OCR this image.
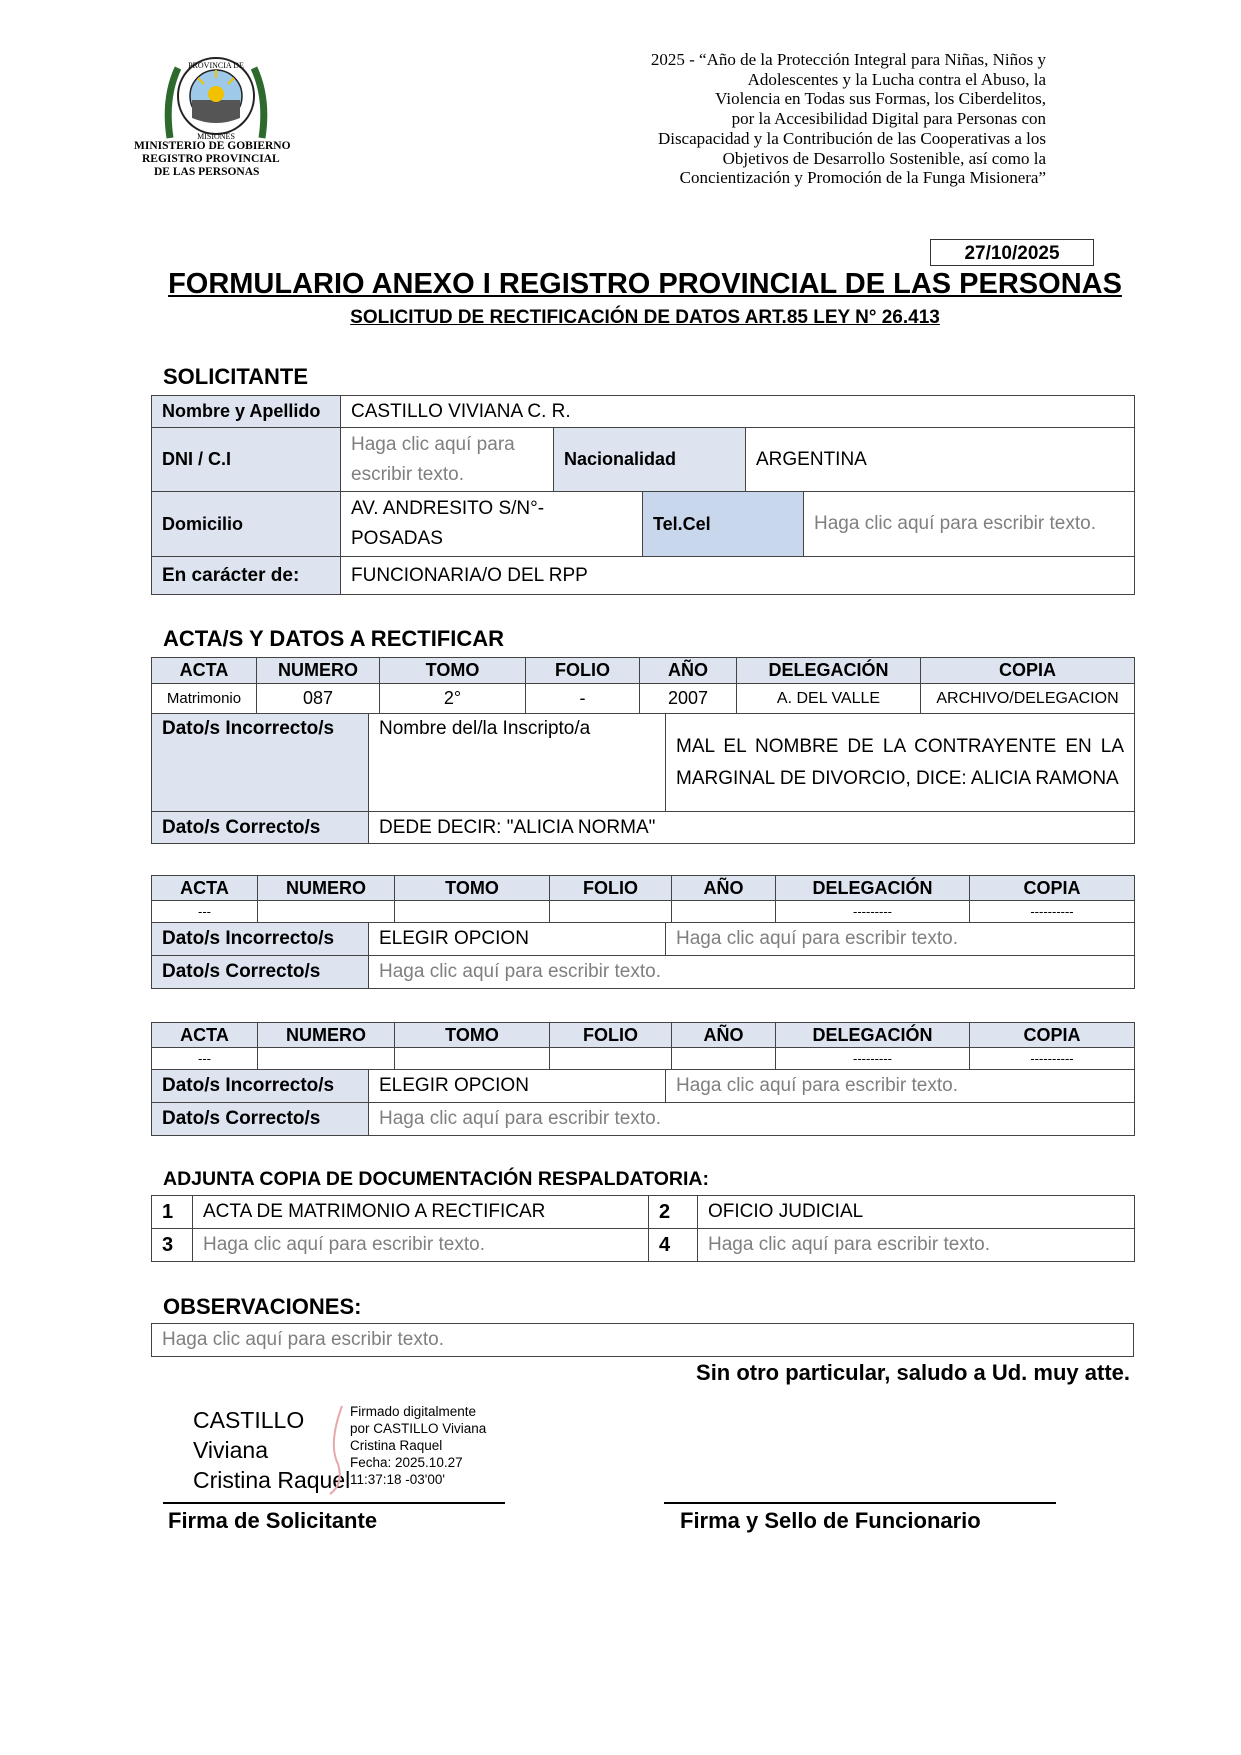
PROVINCIA DE
MISIONES
MINISTERIO DE GOBIERNO
REGISTRO PROVINCIAL
DE LAS PERSONAS
2025 - “Año de la Protección Integral para Niñas, Niños y
Adolescentes y la Lucha contra el Abuso, la
Violencia en Todas sus Formas, los Ciberdelitos,
por la Accesibilidad Digital para Personas con
Discapacidad y la Contribución de las Cooperativas a los
Objetivos de Desarrollo Sostenible, así como la
Concientización y Promoción de la Funga Misionera”
27/10/2025
FORMULARIO ANEXO I REGISTRO PROVINCIAL DE LAS PERSONAS
SOLICITUD DE RECTIFICACIÓN DE DATOS ART.85 LEY N° 26.413
SOLICITANTE
Nombre y Apellido	CASTILLO VIVIANA C. R.				
DNI / C.I	Haga clic aquí para escribir texto.	Nacionalidad		ARGENTINA	
Domicilio	AV. ANDRESITO S/N°- POSADAS		Tel.Cel		Haga clic aquí para escribir texto.
En carácter de:	FUNCIONARIA/O DEL RPP				
ACTA/S Y DATOS A RECTIFICAR
ACTA	NUMERO	TOMO	FOLIO	AÑO	DELEGACIÓN	COPIA
Matrimonio	087	2°	-	2007	A. DEL VALLE	ARCHIVO/DELEGACION
Dato/s Incorrecto/s	Nombre del/la Inscripto/a	MAL EL NOMBRE DE LA CONTRAYENTE EN LA MARGINAL DE DIVORCIO, DICE: ALICIA RAMONA
Dato/s Correcto/s	DEDE DECIR: "ALICIA NORMA"	
ACTA	NUMERO	TOMO	FOLIO	AÑO	DELEGACIÓN	COPIA
---					---------	----------
Dato/s Incorrecto/s	ELEGIR OPCION	Haga clic aquí para escribir texto.
Dato/s Correcto/s	Haga clic aquí para escribir texto.	
ACTA	NUMERO	TOMO	FOLIO	AÑO	DELEGACIÓN	COPIA
---					---------	----------
Dato/s Incorrecto/s	ELEGIR OPCION	Haga clic aquí para escribir texto.
Dato/s Correcto/s	Haga clic aquí para escribir texto.	
ADJUNTA COPIA DE DOCUMENTACIÓN RESPALDATORIA:
1	ACTA DE MATRIMONIO A RECTIFICAR	2	OFICIO JUDICIAL
3	Haga clic aquí para escribir texto.	4	Haga clic aquí para escribir texto.
OBSERVACIONES:
Haga clic aquí para escribir texto.
Sin otro particular, saludo a Ud. muy atte.
CASTILLO
Viviana
Cristina Raquel
Firmado digitalmente
por CASTILLO Viviana
Cristina Raquel
Fecha: 2025.10.27
11:37:18 -03'00'
Firma de Solicitante	Firma y Sello de Funcionario
